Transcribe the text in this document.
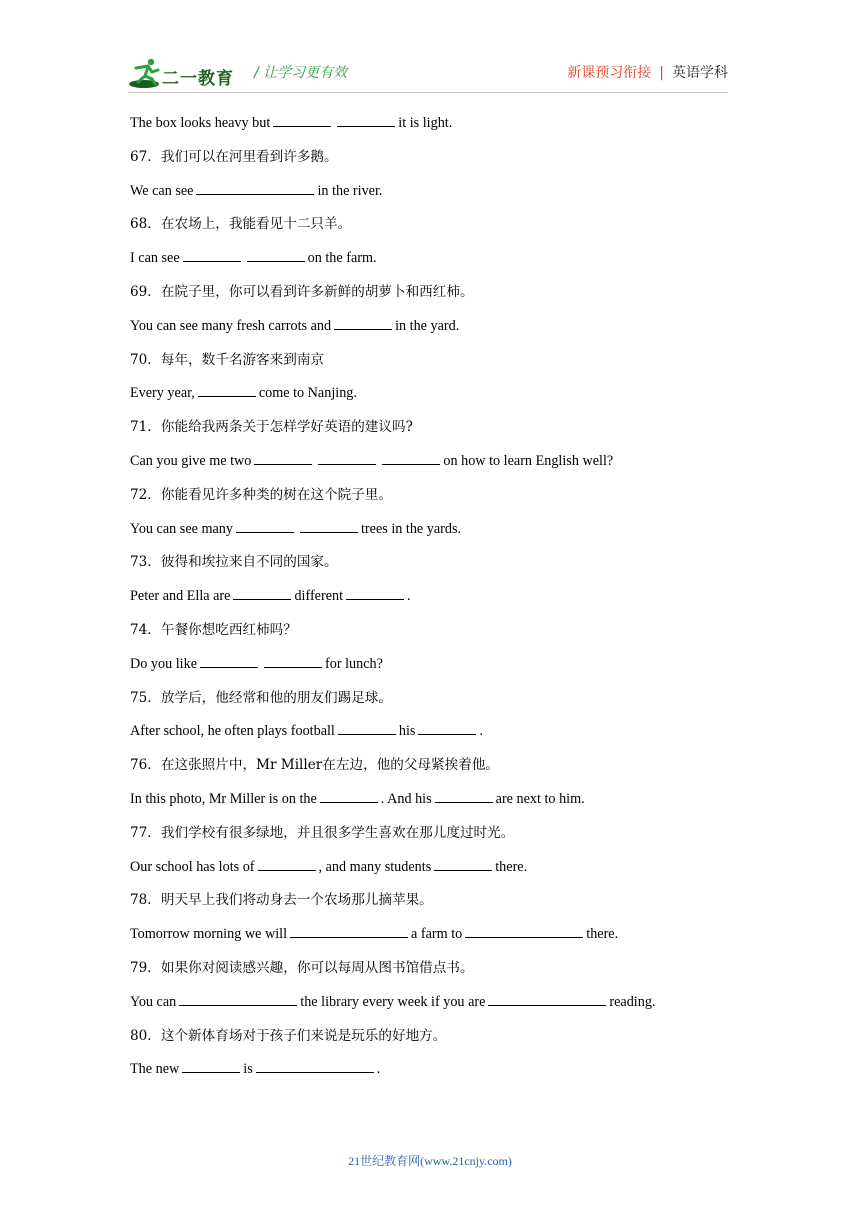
二一教育 / 让学习更有效	新课预习衔接 | 英语学科
The box looks heavy but	it is light.
67．我们可以在河里看到许多鹅。
We can see	in the river.
68．在农场上，我能看见十二只羊。
I can see	on the farm.
69．在院子里，你可以看到许多新鲜的胡萝卜和西红柿。
You can see many fresh carrots and	in the yard.
70．每年，数千名游客来到南京
Every year,	come to Nanjing.
71．你能给我两条关于怎样学好英语的建议吗?
Can you give me two	on how to learn English well?
72．你能看见许多种类的树在这个院子里。
You can see many	trees in the yards.
73．彼得和埃拉来自不同的国家。
Peter and Ella are	different	.
74．午餐你想吃西红柿吗？
Do you like	for lunch?
75．放学后，他经常和他的朋友们踢足球。
After school, he often plays football	his	.
76．在这张照片中，Mr Miller在左边，他的父母紧挨着他。
In this photo, Mr Miller is on the	. And his	are next to him.
77．我们学校有很多绿地，并且很多学生喜欢在那儿度过时光。
Our school has lots of	, and many students	there.
78．明天早上我们将动身去一个农场那儿摘苹果。
Tomorrow morning we will	a farm to	there.
79．如果你对阅读感兴趣，你可以每周从图书馆借点书。
You can	the library every week if you are	reading.
80．这个新体育场对于孩子们来说是玩乐的好地方。
The new	is	.
21世纪教育网(www.21cnjy.com)
